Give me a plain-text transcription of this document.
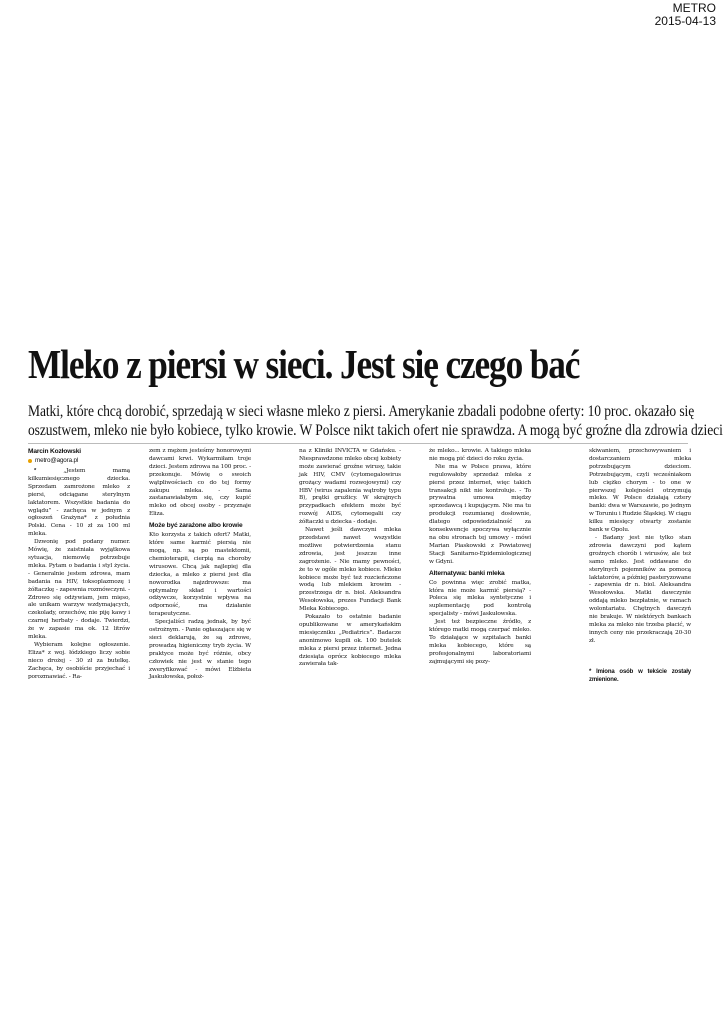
METRO
2015-04-13
Mleko z piersi w sieci. Jest się czego bać
Matki, które chcą dorobić, sprzedają w sieci własne mleko z piersi. Amerykanie zbadali podobne oferty: 10 proc. okazało się
oszustwem, mleko nie było kobiece, tylko krowie. W Polsce nikt takich ofert nie sprawdza. A mogą być groźne dla zdrowia dzieci

Marcin Kozłowski

metro@agora.pl

* „Jestem mamą kilkumiesięcznego dziecka. Sprzedam zamrożone mleko z piersi, odciągane sterylnym laktatorem. Wszystkie badania do wglądu” - zachęca w jednym z ogłoszeń Grażyna* z południa Polski. Cena - 10 zł za 100 ml mleka.

Dzwonię pod podany numer. Mówię, że zaistniała wyjątkowa sytuacja, niemowlę potrzebuje mleka. Pytam o badania i styl życia. - Generalnie jestem zdrowa, mam badania na HIV, toksoplazmozę i żółtaczkę - zapewnia rozmówczyni. - Zdrowo się odżywiam, jem mięso, ale unikam warzyw wzdymających, czekolady, orzechów, nie piję kawy i czarnej herbaty - dodaje. Twierdzi, że w zapasie ma ok. 12 litrów mleka.

Wybieram kolejne ogłoszenie. Eliza* z woj. łódzkiego liczy sobie nieco drożej - 30 zł za butelkę. Zachęca, by osobiście przyjechać i porozmawiać. - Ra-

zem z mężem jesteśmy honorowymi dawcami krwi. Wykarmiłam troje dzieci. Jestem zdrowa na 100 proc. - przekonuje. Mówię o swoich wątpliwościach co do tej formy zakupu mleka. - Sama zastanawiałabym się, czy kupić mleko od obcej osoby - przyznaje Eliza.

Może być zarażone albo krowie

Kto korzysta z takich ofert? Matki, które same karmić piersią nie mogą, np. są po mastektomii, chemioterapii, cierpią na choroby wirusowe. Chcą jak najlepiej dla dziecka, a mleko z piersi jest dla noworodka najzdrowsze: ma optymalny skład i wartości odżywcze, korzystnie wpływa na odporność, ma działanie terapeutyczne.

Specjaliści radzą jednak, by być ostrożnym. - Panie ogłaszające się w sieci deklarują, że są zdrowe, prowadzą higieniczny tryb życia. W praktyce może być różnie, obcy człowiek nie jest w stanie tego zweryfikować - mówi Elżbieta Jaskułowska, położ-

na z Kliniki INVICTA w Gdańsku. - Niesprawdzone mleko obcej kobiety może zawierać groźne wirusy, takie jak HIV, CMV (cytomegalowirus grożący wadami rozwojowymi) czy HBV (wirus zapalenia wątroby typu B), prątki gruźlicy. W skrajnych przypadkach efektem może być rozwój AIDS, cytomegalii czy żółtaczki u dziecka - dodaje.

Nawet jeśli dawczyni mleka przedstawi nawet wszystkie możliwe potwierdzenia stanu zdrowia, jest jeszcze inne zagrożenie. - Nie mamy pewności, że to w ogóle mleko kobiece. Mleko kobiece może być też rozcieńczone wodą lub mlekiem krowim - przestrzega dr n. biol. Aleksandra Wesołowska, prezes Fundacji Bank Mleka Kobiecego.

Pokazało to ostatnie badanie opublikowane w amerykańskim miesięczniku „Pediatrics”. Badacze anonimowo kupili ok. 100 butelek mleka z piersi przez internet. Jedna dziesiąta oprócz kobiecego mleka zawierała tak-

że mleko... krowie. A takiego mleka nie mogą pić dzieci do roku życia.

Nie ma w Polsce prawa, które regulowałoby sprzedaż mleka z piersi przez internet, więc takich transakcji nikt nie kontroluje. - To prywatna umowa między sprzedawcą i kupującym. Nie ma tu produkcji rozumianej dosłownie, dlatego odpowiedzialność za konsekwencje spoczywa wyłącznie na obu stronach tej umowy - mówi Marian Piaskowski z Powiatowej Stacji Sanitarno-Epidemiologicznej w Gdyni.

Alternatywa: banki mleka

Co powinna więc zrobić matka, która nie może karmić piersią? - Poleca się mleka syntetyczne i suplementację pod kontrolą specjalisty - mówi Jaskułowska.

Jest też bezpieczne źródło, z którego matki mogą czerpać mleko. To działające w szpitalach banki mleka kobiecego, które są profesjonalnymi laboratoriami zajmującymi się pozy-

skiwaniem, przechowywaniem i dostarczaniem mleka potrzebującym dzieciom. Potrzebującym, czyli wcześniakom lub ciężko chorym - to one w pierwszej kolejności otrzymują mleko. W Polsce działają cztery banki: dwa w Warszawie, po jednym w Toruniu i Rudzie Śląskiej. W ciągu kilku miesięcy otwarty zostanie bank w Opolu.

- Badany jest nie tylko stan zdrowia dawczyni pod kątem groźnych chorób i wirusów, ale też samo mleko. Jest oddawane do sterylnych pojemników za pomocą laktatorów, a później pasteryzowane - zapewnia dr n. biol. Aleksandra Wesołowska. Matki dawczynie oddają mleko bezpłatnie, w ramach wolontariatu. Chętnych dawczyń nie brakuje. W niektórych bankach mleka za mleko nie trzeba płacić, w innych ceny nie przekraczają 20-30 zł.

* Imiona osób w tekście zostały zmienione.
